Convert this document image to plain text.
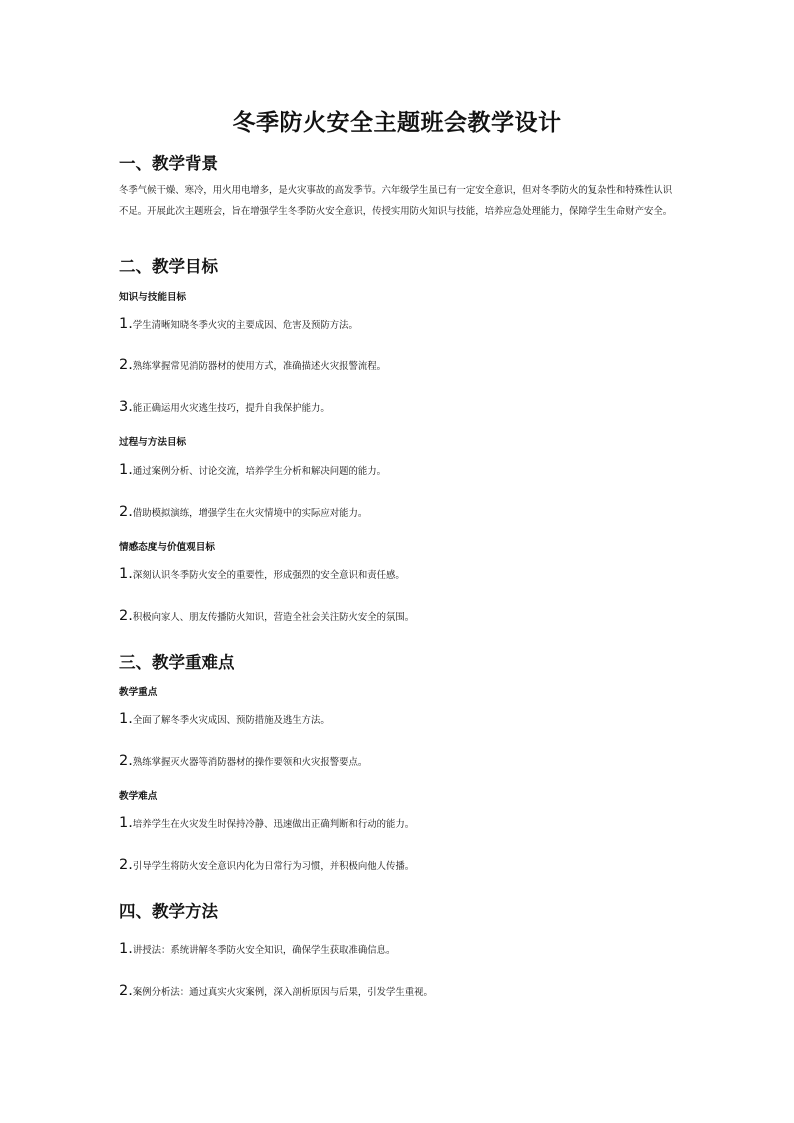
冬季防火安全主题班会教学设计
一、教学背景
冬季气候干燥、寒冷，用火用电增多，是火灾事故的高发季节。六年级学生虽已有一定安全意识，但对冬季防火的复杂性和特殊性认识不足。开展此次主题班会，旨在增强学生冬季防火安全意识，传授实用防火知识与技能，培养应急处理能力，保障学生生命财产安全。
二、教学目标
知识与技能目标
1.学生清晰知晓冬季火灾的主要成因、危害及预防方法。
2.熟练掌握常见消防器材的使用方式，准确描述火灾报警流程。
3.能正确运用火灾逃生技巧，提升自我保护能力。
过程与方法目标
1.通过案例分析、讨论交流，培养学生分析和解决问题的能力。
2.借助模拟演练，增强学生在火灾情境中的实际应对能力。
情感态度与价值观目标
1.深刻认识冬季防火安全的重要性，形成强烈的安全意识和责任感。
2.积极向家人、朋友传播防火知识，营造全社会关注防火安全的氛围。
三、教学重难点
教学重点
1.全面了解冬季火灾成因、预防措施及逃生方法。
2.熟练掌握灭火器等消防器材的操作要领和火灾报警要点。
教学难点
1.培养学生在火灾发生时保持冷静、迅速做出正确判断和行动的能力。
2.引导学生将防火安全意识内化为日常行为习惯，并积极向他人传播。
四、教学方法
1.讲授法：系统讲解冬季防火安全知识，确保学生获取准确信息。
2.案例分析法：通过真实火灾案例，深入剖析原因与后果，引发学生重视。
